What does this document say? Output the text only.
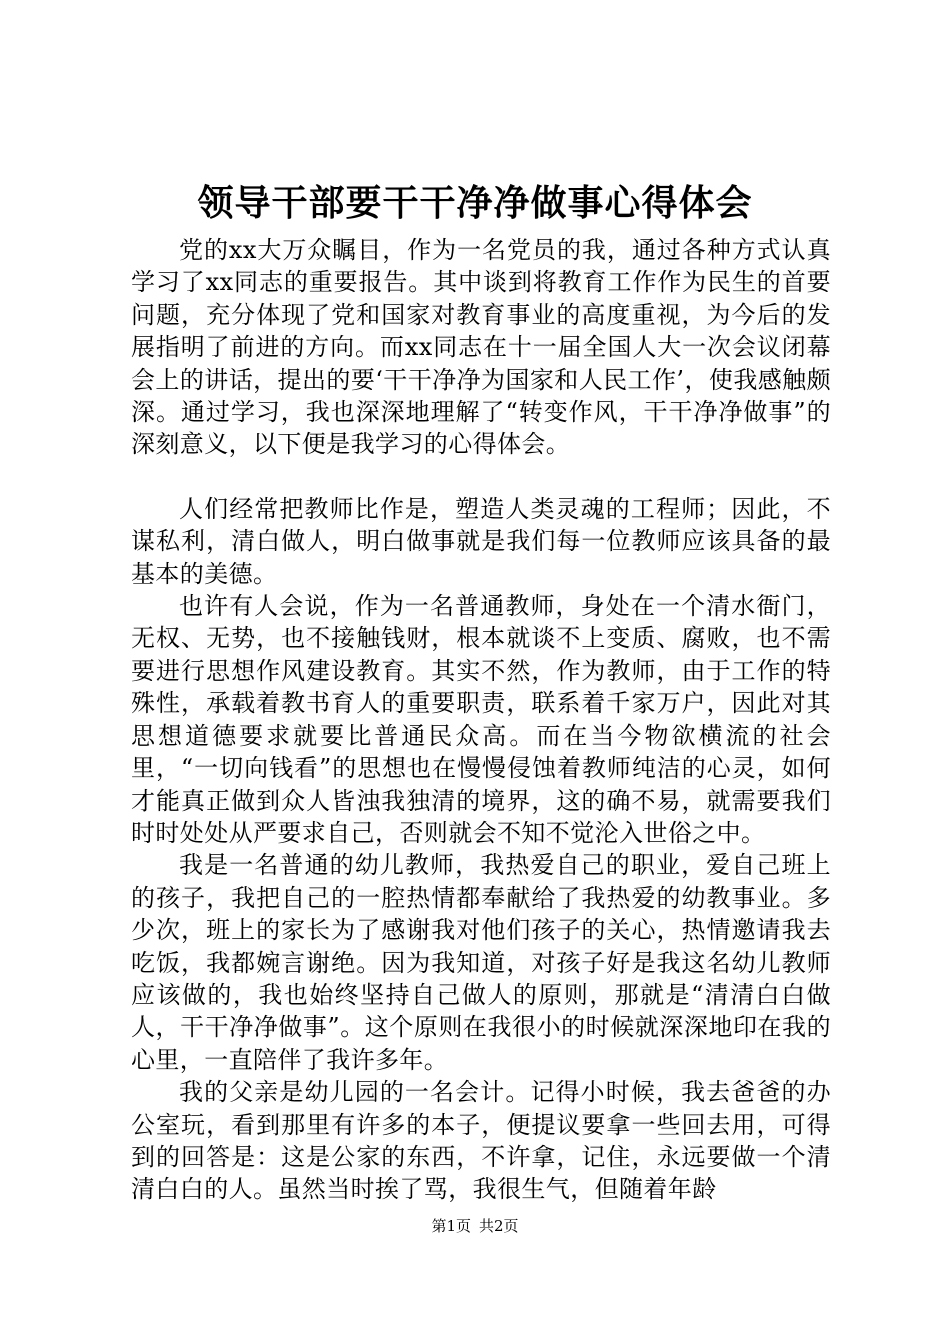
领导干部要干干净净做事心得体会

党的xx大万众瞩目，作为一名党员的我，通过各种方式认真学习了xx同志的重要报告。其中谈到将教育工作作为民生的首要问题，充分体现了党和国家对教育事业的高度重视，为今后的发展指明了前进的方向。而xx同志在十一届全国人大一次会议闭幕会上的讲话，提出的要‘干干净净为国家和人民工作’，使我感触颇深。通过学习，我也深深地理解了“转变作风，干干净净做事”的深刻意义，以下便是我学习的心得体会。

人们经常把教师比作是，塑造人类灵魂的工程师；因此，不谋私利，清白做人，明白做事就是我们每一位教师应该具备的最基本的美德。

也许有人会说，作为一名普通教师，身处在一个清水衙门，无权、无势，也不接触钱财，根本就谈不上变质、腐败，也不需要进行思想作风建设教育。其实不然，作为教师，由于工作的特殊性，承载着教书育人的重要职责，联系着千家万户，因此对其思想道德要求就要比普通民众高。而在当今物欲横流的社会里，“一切向钱看”的思想也在慢慢侵蚀着教师纯洁的心灵，如何才能真正做到众人皆浊我独清的境界，这的确不易，就需要我们时时处处从严要求自己，否则就会不知不觉沦入世俗之中。

我是一名普通的幼儿教师，我热爱自己的职业，爱自己班上的孩子，我把自己的一腔热情都奉献给了我热爱的幼教事业。多少次，班上的家长为了感谢我对他们孩子的关心，热情邀请我去吃饭，我都婉言谢绝。因为我知道，对孩子好是我这名幼儿教师应该做的，我也始终坚持自己做人的原则，那就是“清清白白做人，干干净净做事”。这个原则在我很小的时候就深深地印在我的心里，一直陪伴了我许多年。

我的父亲是幼儿园的一名会计。记得小时候，我去爸爸的办公室玩，看到那里有许多的本子，便提议要拿一些回去用，可得到的回答是：这是公家的东西，不许拿，记住，永远要做一个清清白白的人。虽然当时挨了骂，我很生气，但随着年龄

第1页 共2页
